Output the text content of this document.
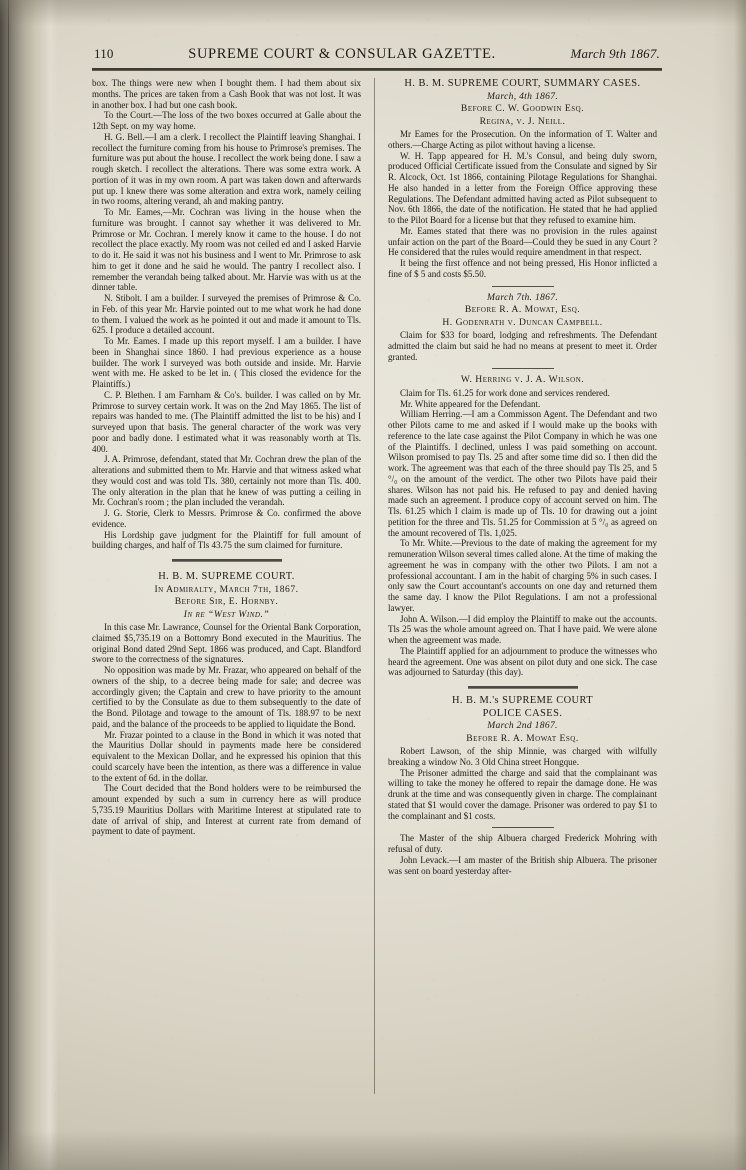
110	SUPREME COURT & CONSULAR GAZETTE.	March 9th 1867.

box. The things were new when I bought them. I had them about six months. The prices are taken from a Cash Book that was not lost. It was in another box. I had but one cash book.

To the Court.—The loss of the two boxes occurred at Galle about the 12th Sept. on my way home.

H. G. Bell.—I am a clerk. I recollect the Plaintiff leaving Shanghai. I recollect the furniture coming from his house to Primrose's premises. The furniture was put about the house. I recollect the work being done. I saw a rough sketch. I recollect the alterations. There was some extra work. A portion of it was in my own room. A part was taken down and afterwards put up. I knew there was some alteration and extra work, namely ceiling in two rooms, altering verand, ah and making pantry.

To Mr. Eames,—Mr. Cochran was living in the house when the furniture was brought. I cannot say whether it was delivered to Mr. Primrose or Mr. Cochran. I merely know it came to the house. I do not recollect the place exactly. My room was not ceiled ed and I asked Harvie to do it. He said it was not his business and I went to Mr. Primrose to ask him to get it done and he said he would. The pantry I recollect also. I remember the verandah being talked about. Mr. Harvie was with us at the dinner table.

N. Stibolt. I am a builder. I surveyed the premises of Primrose & Co. in Feb. of this year Mr. Harvie pointed out to me what work he had done to them. I valued the work as he pointed it out and made it amount to Tls. 625. I produce a detailed account.

To Mr. Eames. I made up this report myself. I am a builder. I have been in Shanghai since 1860. I had previous experience as a house builder. The work I surveyed was both outside and inside. Mr. Harvie went with me. He asked to be let in. ( This closed the evidence for the Plaintiffs.)

C. P. Blethen. I am Farnham & Co's. builder. I was called on by Mr. Primrose to survey certain work. It was on the 2nd May 1865. The list of repairs was handed to me. (The Plaintiff admitted the list to be his) and I surveyed upon that basis. The general character of the work was very poor and badly done. I estimated what it was reasonably worth at Tls. 400.

J. A. Primrose, defendant, stated that Mr. Cochran drew the plan of the alterations and submitted them to Mr. Harvie and that witness asked what they would cost and was told Tls. 380, certainly not more than Tls. 400. The only alteration in the plan that he knew of was putting a ceiling in Mr. Cochran's room ; the plan included the verandah.

J. G. Storie, Clerk to Messrs. Primrose & Co. confirmed the above evidence.

His Lordship gave judgment for the Plaintiff for full amount of building charges, and half of Tls 43.75 the sum claimed for furniture.

H. B. M. SUPREME COURT.
In Admiralty, March 7th, 1867.
Before Sir, E. Hornby.
In re “West Wind.”

In this case Mr. Lawrance, Counsel for the Oriental Bank Corporation, claimed $5,735.19 on a Bottomry Bond executed in the Mauritius. The original Bond dated 29nd Sept. 1866 was produced, and Capt. Blandford swore to the correctness of the signatures.

No opposition was made by Mr. Frazar, who appeared on behalf of the owners of the ship, to a decree being made for sale; and decree was accordingly given; the Captain and crew to have priority to the amount certified to by the Consulate as due to them subsequently to the date of the Bond. Pilotage and towage to the amount of Tls. 188.97 to be next paid, and the balance of the proceeds to be applied to liquidate the Bond.

Mr. Frazar pointed to a clause in the Bond in which it was noted that the Mauritius Dollar should in payments made here be considered equivalent to the Mexican Dollar, and he expressed his opinion that this could scarcely have been the intention, as there was a difference in value to the extent of 6d. in the dollar.

The Court decided that the Bond holders were to be reimbursed the amount expended by such a sum in currency here as will produce 5,735.19 Mauritius Dollars with Maritime Interest at stipulated rate to date of arrival of ship, and Interest at current rate from demand of payment to date of payment.

H. B. M. SUPREME COURT, SUMMARY CASES.
March, 4th 1867.
Before C. W. Goodwin Esq.
Regina, v. J. Neill.

Mr Eames for the Prosecution. On the information of T. Walter and others.—Charge Acting as pilot without having a license.

W. H. Tapp appeared for H. M.'s Consul, and being duly sworn, produced Official Certificate issued from the Consulate and signed by Sir R. Alcock, Oct. 1st 1866, containing Pilotage Regulations for Shanghai. He also handed in a letter from the Foreign Office approving these Regulations. The Defendant admitted having acted as Pilot subsequent to Nov. 6th 1866, the date of the notification. He stated that he had applied to the Pilot Board for a license but that they refused to examine him.

Mr. Eames stated that there was no provision in the rules against unfair action on the part of the Board—Could they be sued in any Court ? He considered that the rules would require amendment in that respect.

It being the first offence and not being pressed, His Honor inflicted a fine of $ 5 and costs $5.50.

March 7th. 1867.
Before R. A. Mowat, Esq.
H. Godenrath v. Duncan Campbell.

Claim for $33 for board, lodging and refreshments. The Defendant admitted the claim but said he had no means at present to meet it. Order granted.

W. Herring v. J. A. Wilson.

Claim for Tls. 61.25 for work done and services rendered.

Mr. White appeared for the Defendant.

William Herring.—I am a Commisson Agent. The Defendant and two other Pilots came to me and asked if I would make up the books with reference to the late case against the Pilot Company in which he was one of the Plaintiffs. I declined, unless I was paid something on account. Wilson promised to pay Tls. 25 and after some time did so. I then did the work. The agreement was that each of the three should pay Tls 25, and 5 °/₀ on the amount of the verdict. The other two Pilots have paid their shares. Wilson has not paid his. He refused to pay and denied having made such an agreement. I produce copy of account served on him. The Tls. 61.25 which I claim is made up of Tls. 10 for drawing out a joint petition for the three and Tls. 51.25 for Commission at 5 °/₀ as agreed on the amount recovered of Tls. 1,025.

To Mr. White.—Previous to the date of making the agreement for my remuneration Wilson several times called alone. At the time of making the agreement he was in company with the other two Pilots. I am not a professional accountant. I am in the habit of charging 5% in such cases. I only saw the Court accountant's accounts on one day and returned them the same day. I know the Pilot Regulations. I am not a professional lawyer.

John A. Wilson.—I did employ the Plaintiff to make out the accounts. Tls 25 was the whole amount agreed on. That I have paid. We were alone when the agreement was made.

The Plaintiff applied for an adjournment to produce the witnesses who heard the agreement. One was absent on pilot duty and one sick. The case was adjourned to Saturday (this day).

H. B. M.'s SUPREME COURT
POLICE CASES.
March 2nd 1867.
Before R. A. Mowat Esq.

Robert Lawson, of the ship Minnie, was charged with wilfully breaking a window No. 3 Old China street Hongque.

The Prisoner admitted the charge and said that the complainant was willing to take the money he offered to repair the damage done. He was drunk at the time and was consequently given in charge. The complainant stated that $1 would cover the damage. Prisoner was ordered to pay $1 to the complainant and $1 costs.

The Master of the ship Albuera charged Frederick Mohring with refusal of duty.

John Levack.—I am master of the British ship Albuera. The prisoner was sent on board yesterday after-
